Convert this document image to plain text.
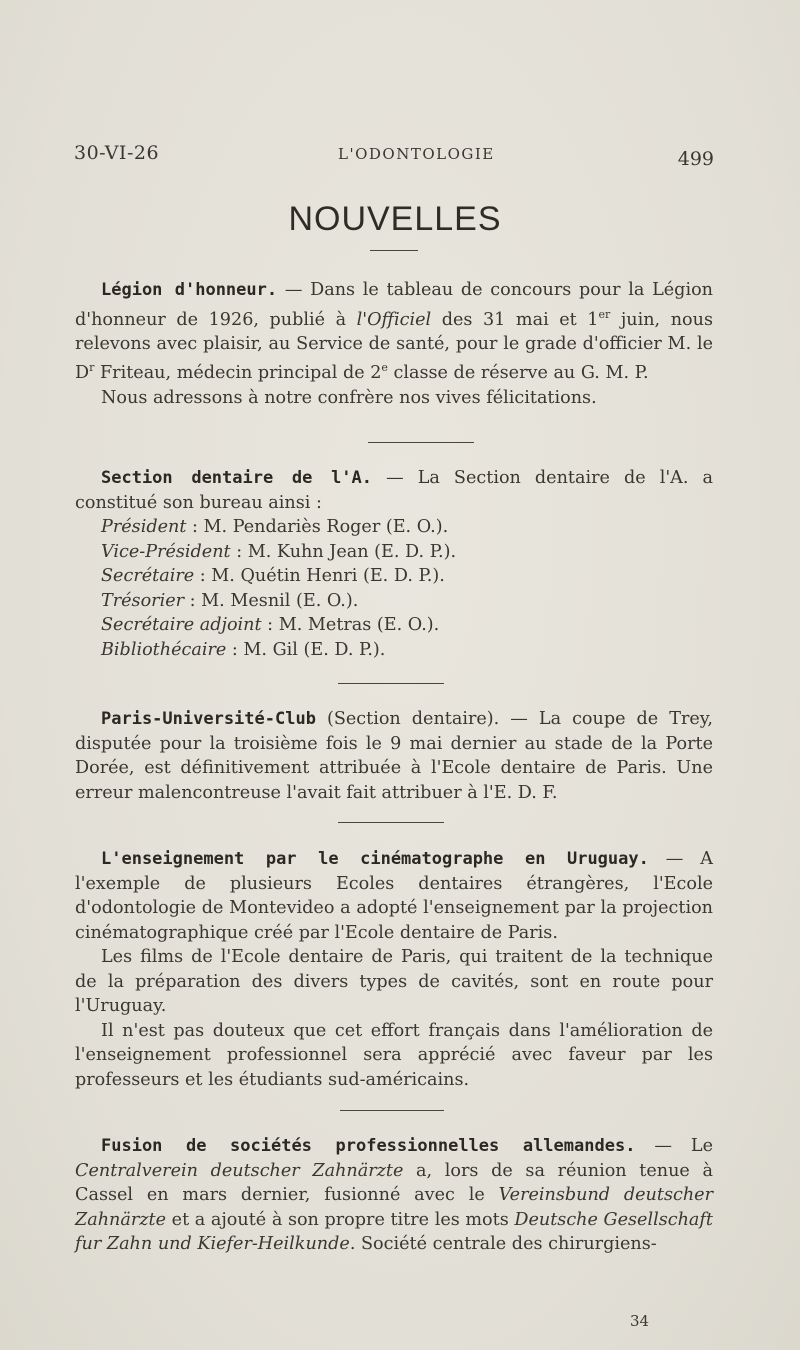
30-VI-26	L'ODONTOLOGIE	499
NOUVELLES

Légion d'honneur. — Dans le tableau de concours pour la Légion d'honneur de 1926, publié à l'Officiel des 31 mai et 1er juin, nous relevons avec plaisir, au Service de santé, pour le grade d'officier M. le $D^r$ Friteau, médecin principal de 2e classe de réserve au G. M. P.

Nous adressons à notre confrère nos vives félicitations.

Section dentaire de l'A. — La Section dentaire de l'A. a constitué son bureau ainsi :

Président : M. Pendariès Roger (E. O.).
Vice-Président : M. Kuhn Jean (E. D. P.).
Secrétaire : M. Quétin Henri (E. D. P.).
Trésorier : M. Mesnil (E. O.).
Secrétaire adjoint : M. Metras (E. O.).
Bibliothécaire : M. Gil (E. D. P.).

Paris-Université-Club (Section dentaire). — La coupe de Trey, disputée pour la troisième fois le 9 mai dernier au stade de la Porte Dorée, est définitivement attribuée à l'Ecole dentaire de Paris. Une erreur malencontreuse l'avait fait attribuer à l'E. D. F.

L'enseignement par le cinématographe en Uruguay. — A l'exemple de plusieurs Ecoles dentaires étrangères, l'Ecole d'odontologie de Montevideo a adopté l'enseignement par la projection cinématographique créé par l'Ecole dentaire de Paris.

Les films de l'Ecole dentaire de Paris, qui traitent de la technique de la préparation des divers types de cavités, sont en route pour l'Uruguay.

Il n'est pas douteux que cet effort français dans l'amélioration de l'enseignement professionnel sera apprécié avec faveur par les professeurs et les étudiants sud-américains.

Fusion de sociétés professionnelles allemandes. — Le Centralverein deutscher Zahnärzte a, lors de sa réunion tenue à Cassel en mars dernier, fusionné avec le Vereinsbund deutscher Zahnärzte et a ajouté à son propre titre les mots Deutsche Gesellschaft fur Zahn und Kiefer-Heilkunde. Société centrale des chirurgiens-

34
